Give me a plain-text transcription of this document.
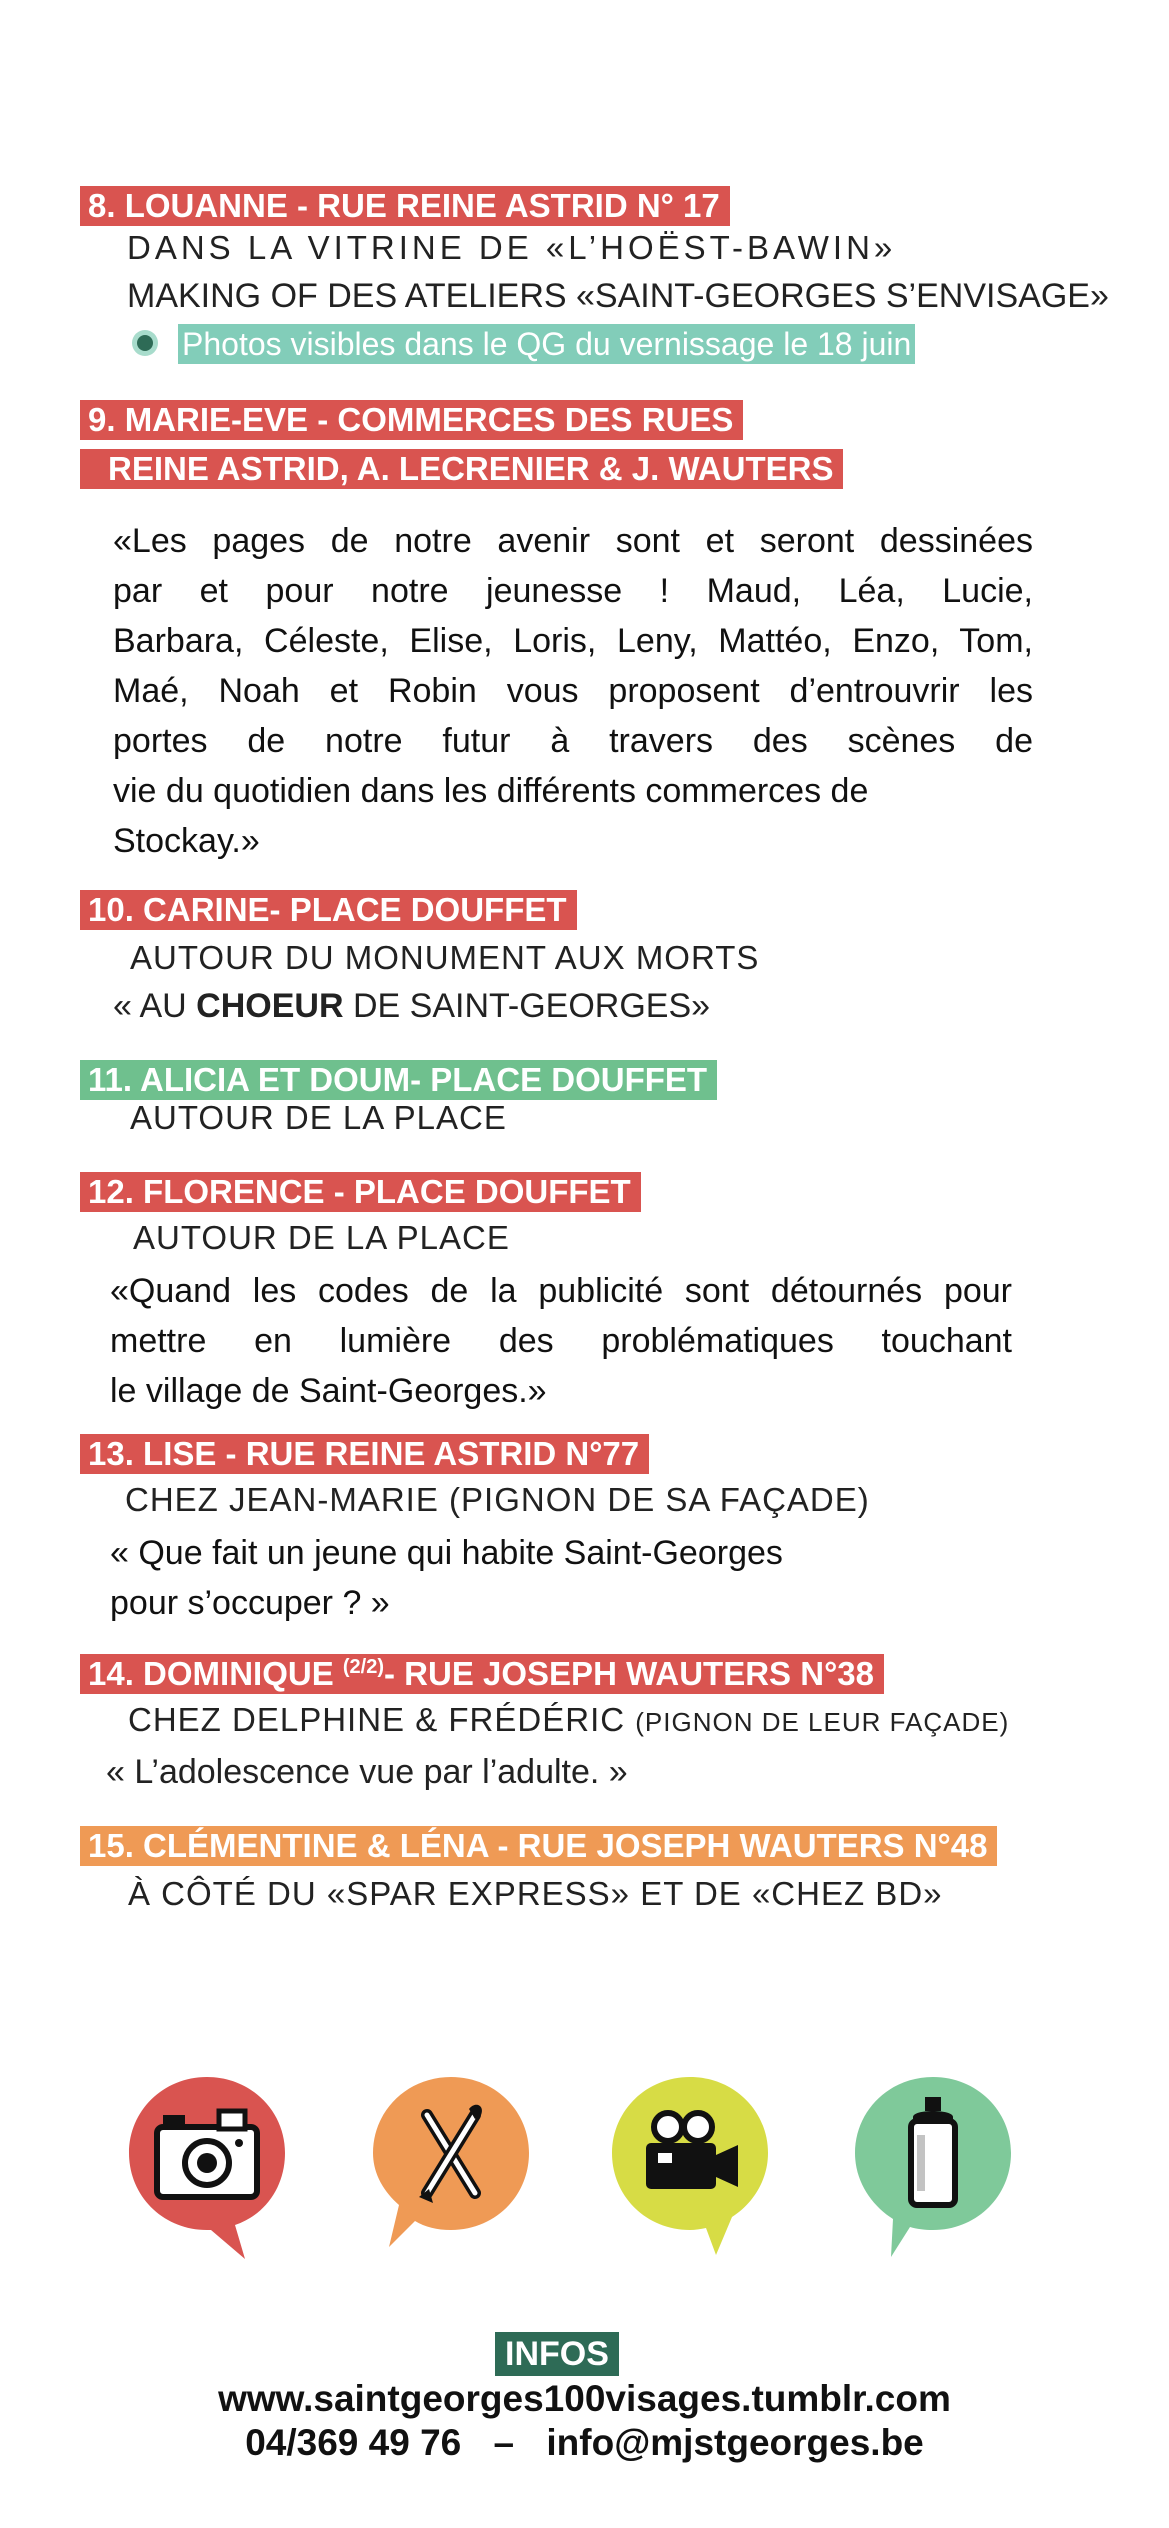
8. LOUANNE - RUE REINE ASTRID N° 17
DANS LA VITRINE DE «L’HOËST-BAWIN»
MAKING OF DES ATELIERS «SAINT-GEORGES S’ENVISAGE»
Photos visibles dans le QG du vernissage le 18 juin
9. MARIE-EVE - COMMERCES DES RUES
REINE ASTRID, A. LECRENIER & J. WAUTERS
«Les pages de notre avenir sont et seront dessinées
par et pour notre jeunesse ! Maud, Léa, Lucie,
Barbara, Céleste, Elise, Loris, Leny, Mattéo, Enzo, Tom,
Maé, Noah et Robin vous proposent d’entrouvrir les
portes de notre futur à travers des scènes de
vie du quotidien dans les différents commerces de
Stockay.»
10. CARINE- PLACE DOUFFET
AUTOUR DU MONUMENT AUX MORTS
« AU CHOEUR DE SAINT-GEORGES»
11. ALICIA ET DOUM- PLACE DOUFFET
AUTOUR DE LA PLACE
12. FLORENCE - PLACE DOUFFET
AUTOUR DE LA PLACE
«Quand les codes de la publicité sont détournés pour
mettre en lumière des problématiques touchant
le village de Saint-Georges.»
13. LISE - RUE REINE ASTRID N°77
CHEZ JEAN-MARIE (PIGNON DE SA FAÇADE)
« Que fait un jeune qui habite Saint-Georges
pour s’occuper ? »
14. DOMINIQUE $^{(2/2)}$- RUE JOSEPH WAUTERS N°38
CHEZ DELPHINE & FRÉDÉRIC (PIGNON DE LEUR FAÇADE)
« L’adolescence vue par l’adulte. »
15. CLÉMENTINE & LÉNA - RUE JOSEPH WAUTERS N°48
À CÔTÉ DU «SPAR EXPRESS» ET DE «CHEZ BD»
INFOS
www.saintgeorges100visages.tumblr.com
04/369 49 76 – info@mjstgeorges.be
